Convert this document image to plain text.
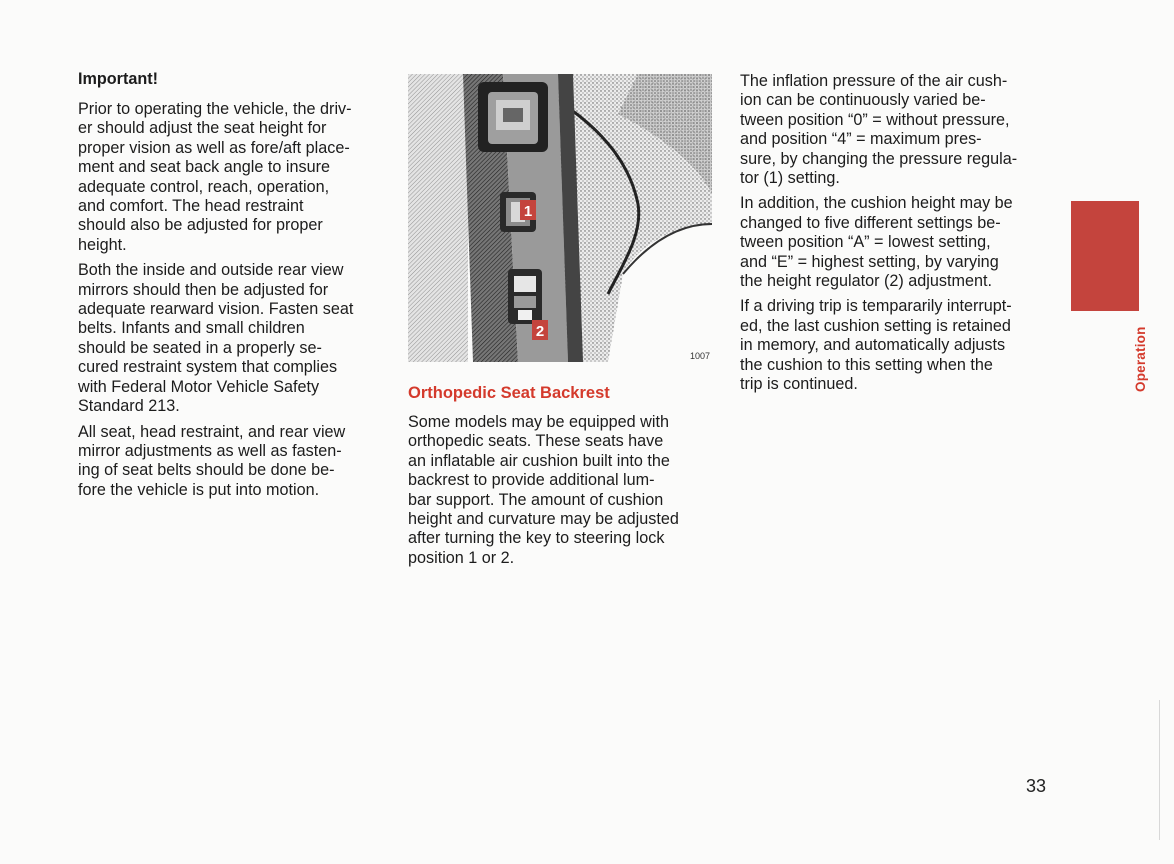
Important!

Prior to operating the vehicle, the driv-
er should adjust the seat height for
proper vision as well as fore/aft place-
ment and seat back angle to insure
adequate control, reach, operation,
and comfort. The head restraint
should also be adjusted for proper
height.

Both the inside and outside rear view
mirrors should then be adjusted for
adequate rearward vision. Fasten seat
belts. Infants and small children
should be seated in a properly se-
cured restraint system that complies
with Federal Motor Vehicle Safety
Standard 213.

All seat, head restraint, and rear view
mirror adjustments as well as fasten-
ing of seat belts should be done be-
fore the vehicle is put into motion.

1
2
1007
Orthopedic Seat Backrest

Some models may be equipped with
orthopedic seats. These seats have
an inflatable air cushion built into the
backrest to provide additional lum-
bar support. The amount of cushion
height and curvature may be adjusted
after turning the key to steering lock
position 1 or 2.

The inflation pressure of the air cush-
ion can be continuously varied be-
tween position “0” = without pressure,
and position “4” = maximum pres-
sure, by changing the pressure regula-
tor (1) setting.

In addition, the cushion height may be
changed to five different settings be-
tween position “A” = lowest setting,
and “E” = highest setting, by varying
the height regulator (2) adjustment.

If a driving trip is tempararily interrupt-
ed, the last cushion setting is retained
in memory, and automatically adjusts
the cushion to this setting when the
trip is continued.	Operation
33
